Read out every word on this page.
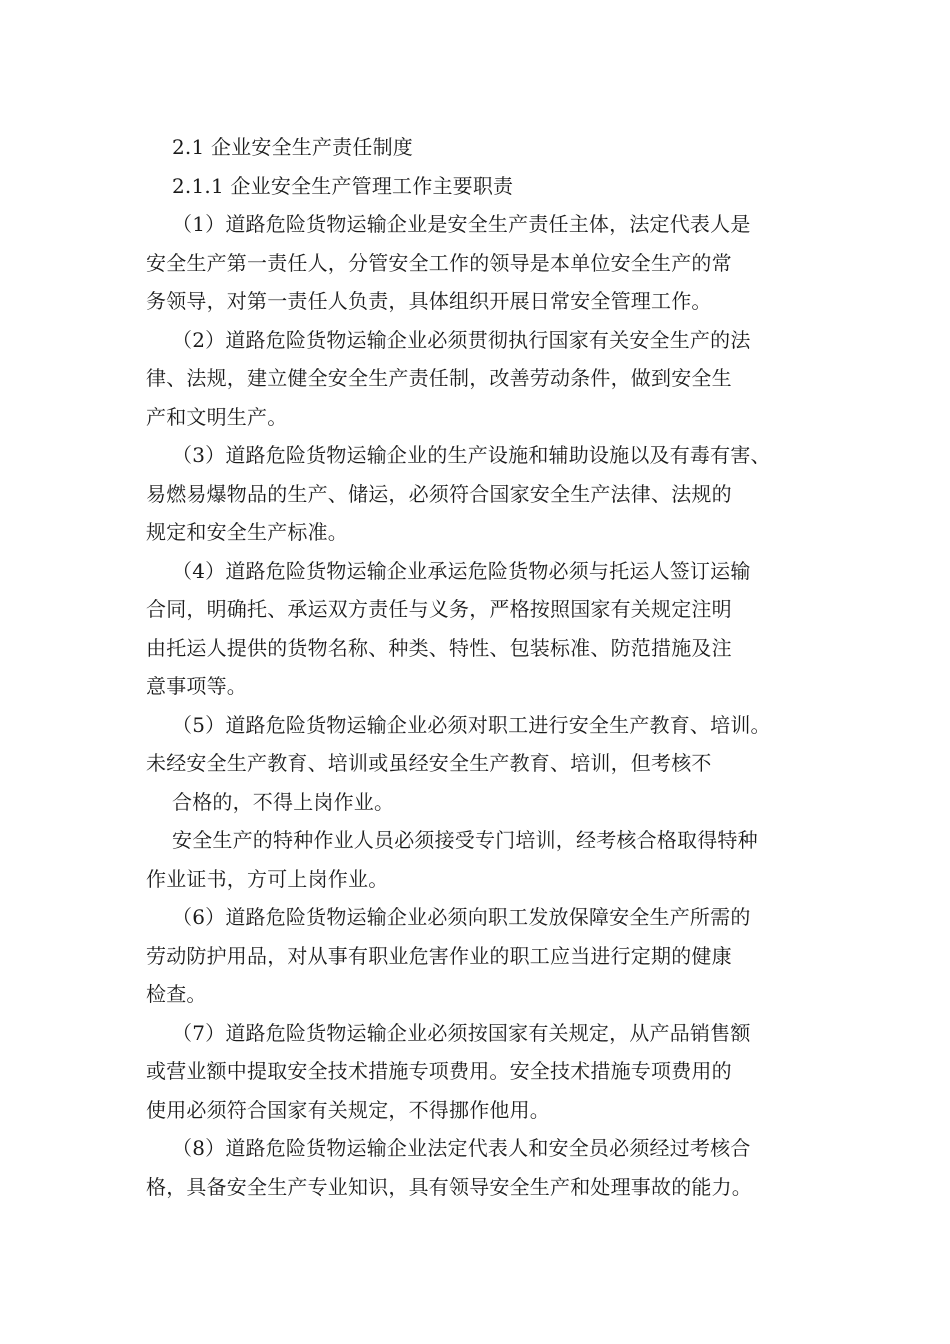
2.1 企业安全生产责任制度
2.1.1 企业安全生产管理工作主要职责
（1）道路危险货物运输企业是安全生产责任主体，法定代表人是
安全生产第一责任人，分管安全工作的领导是本单位安全生产的常
务领导，对第一责任人负责，具体组织开展日常安全管理工作。
（2）道路危险货物运输企业必须贯彻执行国家有关安全生产的法
律、法规，建立健全安全生产责任制，改善劳动条件，做到安全生
产和文明生产。
（3）道路危险货物运输企业的生产设施和辅助设施以及有毒有害、
易燃易爆物品的生产、储运，必须符合国家安全生产法律、法规的
规定和安全生产标准。
（4）道路危险货物运输企业承运危险货物必须与托运人签订运输
合同，明确托、承运双方责任与义务，严格按照国家有关规定注明
由托运人提供的货物名称、种类、特性、包装标准、防范措施及注
意事项等。
（5）道路危险货物运输企业必须对职工进行安全生产教育、培训。
未经安全生产教育、培训或虽经安全生产教育、培训，但考核不
合格的，不得上岗作业。
安全生产的特种作业人员必须接受专门培训，经考核合格取得特种
作业证书，方可上岗作业。
（6）道路危险货物运输企业必须向职工发放保障安全生产所需的
劳动防护用品，对从事有职业危害作业的职工应当进行定期的健康
检查。
（7）道路危险货物运输企业必须按国家有关规定，从产品销售额
或营业额中提取安全技术措施专项费用。安全技术措施专项费用的
使用必须符合国家有关规定，不得挪作他用。
（8）道路危险货物运输企业法定代表人和安全员必须经过考核合
格，具备安全生产专业知识，具有领导安全生产和处理事故的能力。
